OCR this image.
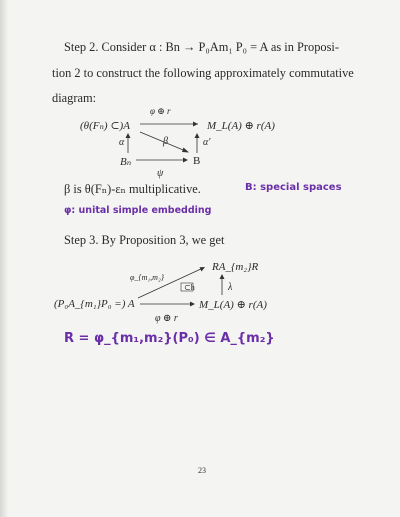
Step 2. Consider α : Bn → P₀Am₁ P₀ = A as in Proposi-
tion 2 to construct the following approximately commutative
diagram:
(θ(Fₙ) ⊂)A
φ ⊕ r
M_L(A) ⊕ r(A)
α	β	α′
Bₙ
ψ
B
β is θ(Fₙ)-εₙ multiplicative.	B: special spaces
φ: unital simple embedding
Step 3. By Proposition 3, we get
RA_{m₂}R
φ_{m₁,m₂}
⊂h	λ
(P₀A_{m₁}P₀ =) A	M_L(A) ⊕ r(A)
φ ⊕ r
R = φ_{m₁,m₂}(P₀) ∈ A_{m₂}
23
